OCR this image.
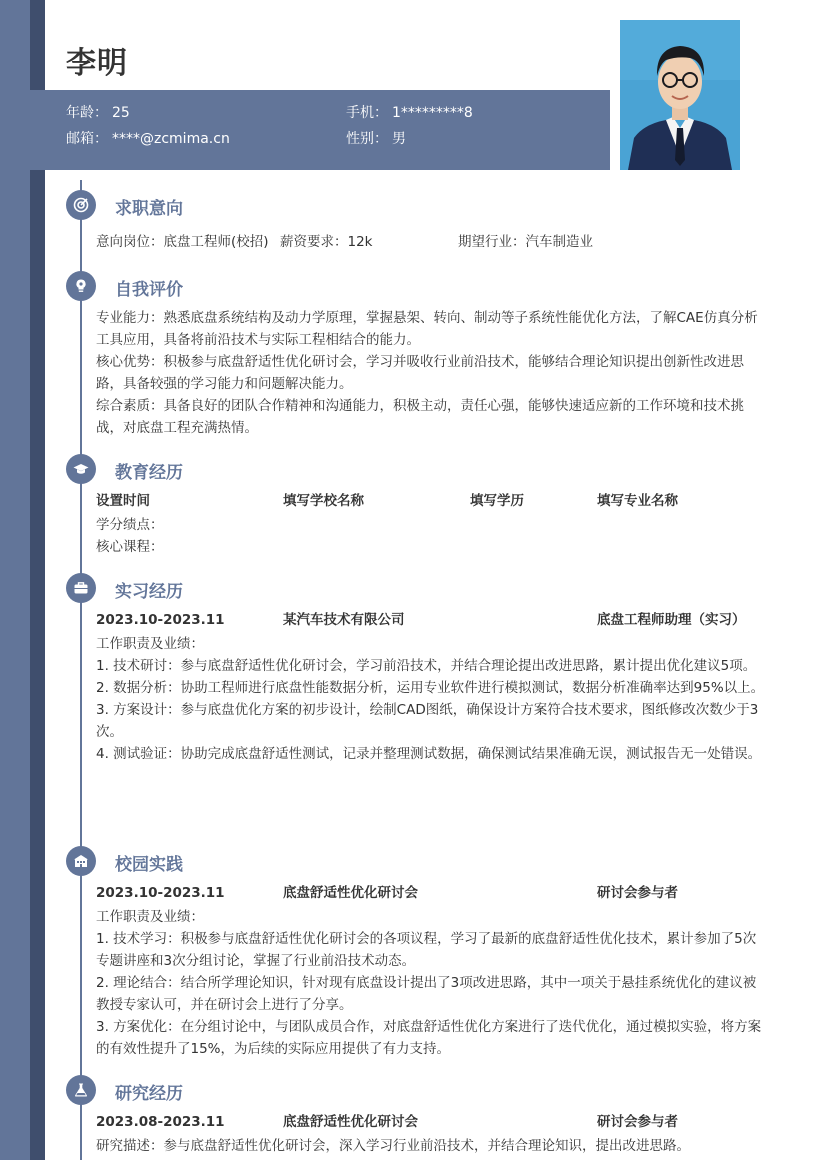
李明
年龄： 25	手机： 1*********8
邮箱： ****@zcmima.cn	性别： 男
求职意向
意向岗位：底盘工程师(校招) 薪资要求：12k	期望行业：汽车制造业
自我评价

专业能力：熟悉底盘系统结构及动力学原理，掌握悬架、转向、制动等子系统性能优化方法，了解CAE仿真分析工具应用，具备将前沿技术与实际工程相结合的能力。

核心优势：积极参与底盘舒适性优化研讨会，学习并吸收行业前沿技术，能够结合理论知识提出创新性改进思路，具备较强的学习能力和问题解决能力。

综合素质：具备良好的团队合作精神和沟通能力，积极主动，责任心强，能够快速适应新的工作环境和技术挑战，对底盘工程充满热情。

教育经历
设置时间	填写学校名称	填写学历	填写专业名称

学分绩点：

核心课程：

实习经历
2023.10-2023.11	某汽车技术有限公司	底盘工程师助理（实习）

工作职责及业绩：

1. 技术研讨：参与底盘舒适性优化研讨会，学习前沿技术，并结合理论提出改进思路，累计提出优化建议5项。

2. 数据分析：协助工程师进行底盘性能数据分析，运用专业软件进行模拟测试，数据分析准确率达到95%以上。

3. 方案设计：参与底盘优化方案的初步设计，绘制CAD图纸，确保设计方案符合技术要求，图纸修改次数少于3次。

4. 测试验证：协助完成底盘舒适性测试，记录并整理测试数据，确保测试结果准确无误，测试报告无一处错误。

校园实践
2023.10-2023.11	底盘舒适性优化研讨会	研讨会参与者

工作职责及业绩：

1. 技术学习：积极参与底盘舒适性优化研讨会的各项议程，学习了最新的底盘舒适性优化技术，累计参加了5次专题讲座和3次分组讨论，掌握了行业前沿技术动态。

2. 理论结合：结合所学理论知识，针对现有底盘设计提出了3项改进思路，其中一项关于悬挂系统优化的建议被教授专家认可，并在研讨会上进行了分享。

3. 方案优化：在分组讨论中，与团队成员合作，对底盘舒适性优化方案进行了迭代优化，通过模拟实验，将方案的有效性提升了15%，为后续的实际应用提供了有力支持。

研究经历
2023.08-2023.11	底盘舒适性优化研讨会	研讨会参与者

研究描述：参与底盘舒适性优化研讨会，深入学习行业前沿技术，并结合理论知识，提出改进思路。
